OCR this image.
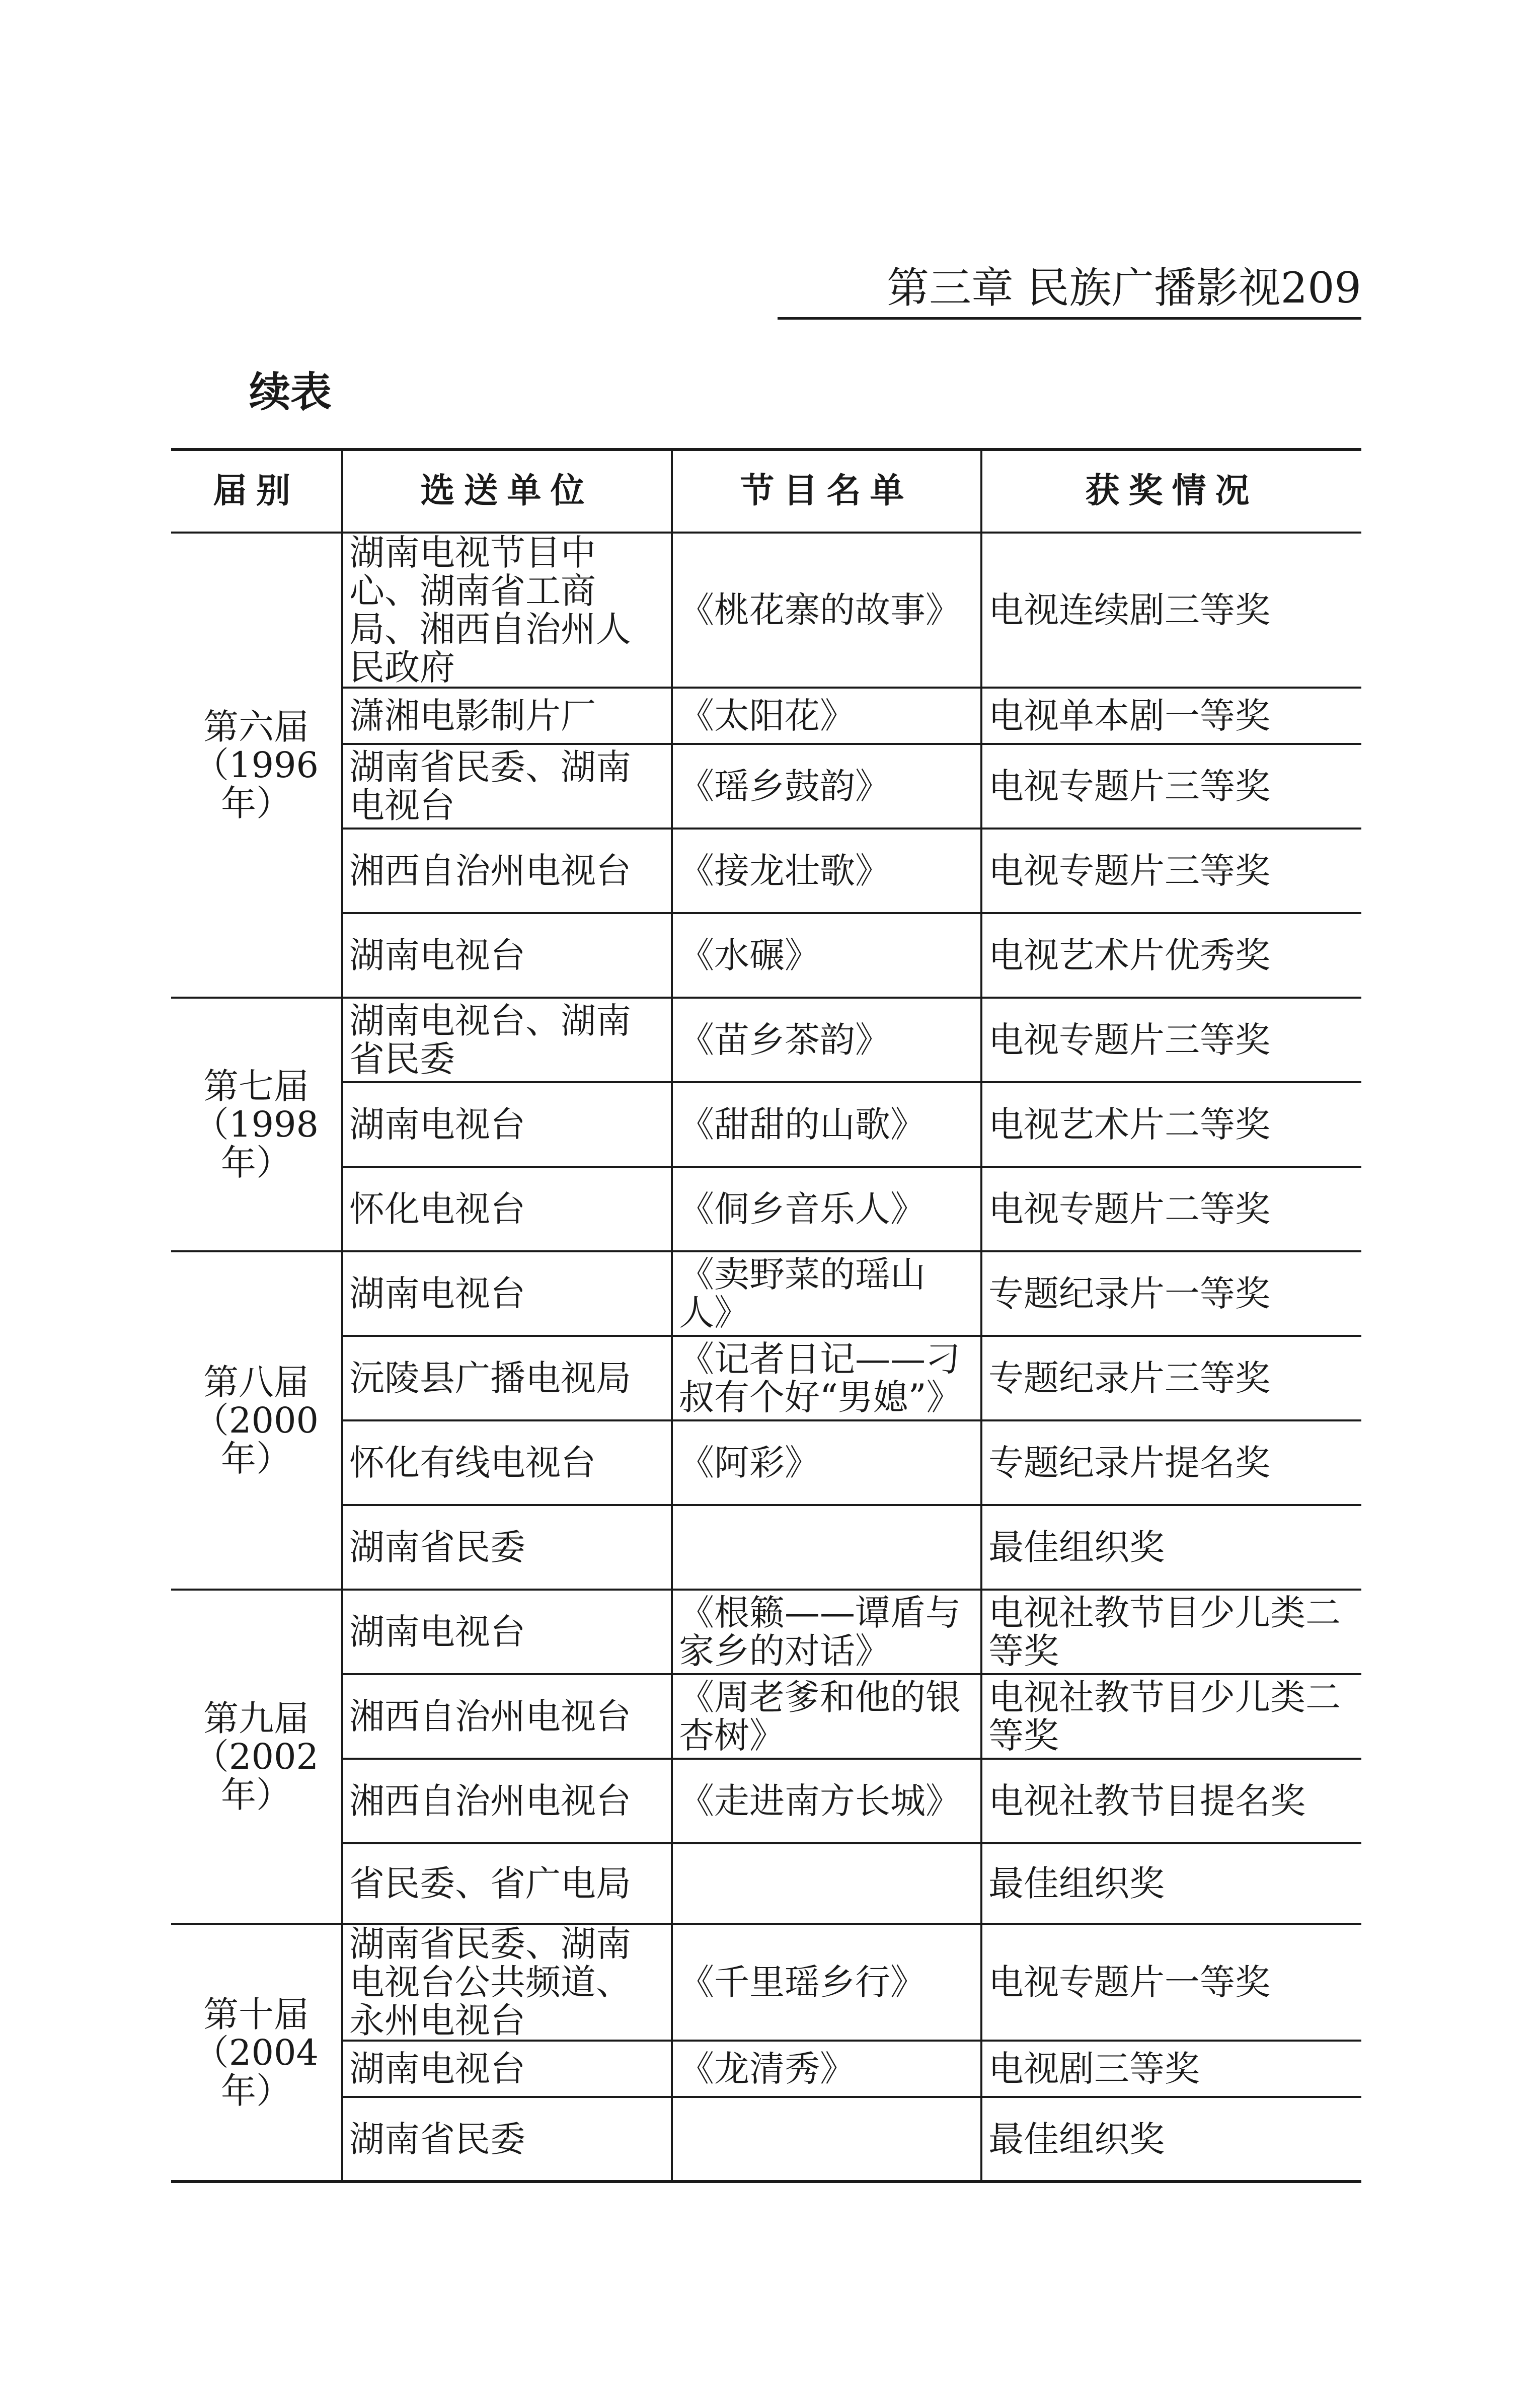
第三章 民族广播影视209
续表
届别	选送单位	节目名单	获奖情况

第六届
（1996 年）	湖南电视节目中心、湖南省工商局、湘西自治州人民政府	《桃花寨的故事》	电视连续剧三等奖
	潇湘电影制片厂	《太阳花》	电视单本剧一等奖
	湖南省民委、湖南电视台	《瑶乡鼓韵》	电视专题片三等奖
	湘西自治州电视台	《接龙壮歌》	电视专题片三等奖
	湖南电视台	《水碾》	电视艺术片优秀奖

第七届
（1998 年）	湖南电视台、湖南省民委	《苗乡茶韵》	电视专题片三等奖
	湖南电视台	《甜甜的山歌》	电视艺术片二等奖
	怀化电视台	《侗乡音乐人》	电视专题片二等奖

第八届
（2000 年）	湖南电视台	《卖野菜的瑶山人》	专题纪录片一等奖
	沅陵县广播电视局	《记者日记——刁叔有个好“男媳”》	专题纪录片三等奖
	怀化有线电视台	《阿彩》	专题纪录片提名奖
	湖南省民委		最佳组织奖

第九届
（2002 年）	湖南电视台	《根籁——谭盾与家乡的对话》	电视社教节目少儿类二等奖
	湘西自治州电视台	《周老爹和他的银杏树》	电视社教节目少儿类二等奖
	湘西自治州电视台	《走进南方长城》	电视社教节目提名奖
	省民委、省广电局		最佳组织奖

第十届
（2004 年）	湖南省民委、湖南电视台公共频道、永州电视台	《千里瑶乡行》	电视专题片一等奖
	湖南电视台	《龙清秀》	电视剧三等奖
	湖南省民委		最佳组织奖
